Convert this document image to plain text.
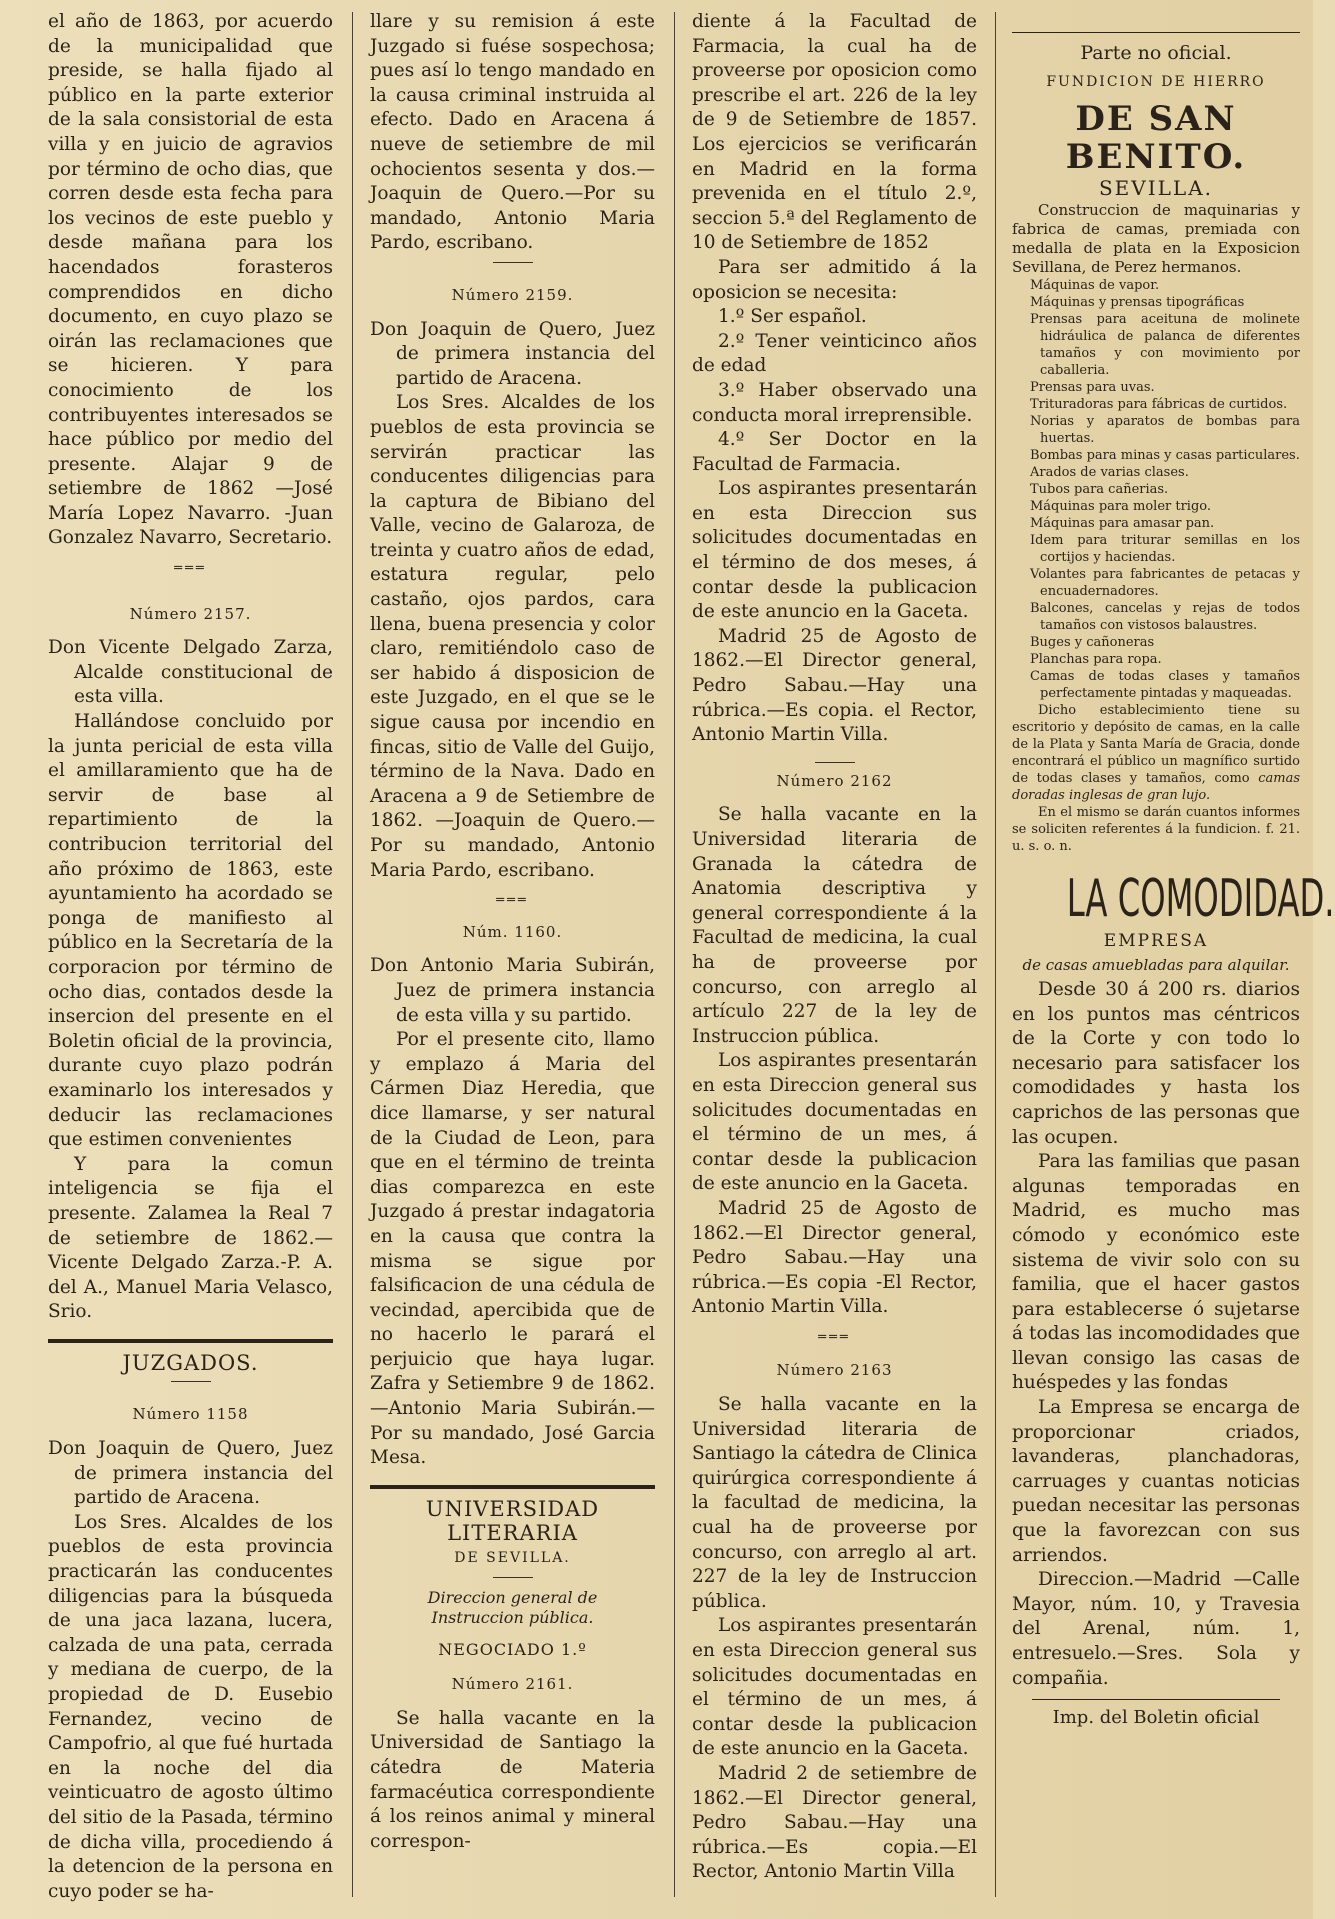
el año de 1863, por acuerdo de la municipalidad que preside, se halla fijado al público en la parte exterior de la sala consistorial de esta villa y en juicio de agravios por término de ocho dias, que corren desde esta fecha para los vecinos de este pueblo y desde mañana para los hacendados forasteros comprendidos en dicho documento, en cuyo plazo se oirán las reclamaciones que se hicieren. Y para conocimiento de los contribuyentes interesados se hace público por medio del presente. Alajar 9 de setiembre de 1862 —José María Lopez Navarro. -Juan Gonzalez Navarro, Secretario.

═══

Número 2157.

Don Vicente Delgado Zarza, Alcalde constitucional de esta villa.

Hallándose concluido por la junta pericial de esta villa el amillaramiento que ha de servir de base al repartimiento de la contribucion territorial del año próximo de 1863, este ayuntamiento ha acordado se ponga de manifiesto al público en la Secretaría de la corporacion por término de ocho dias, contados desde la insercion del presente en el Boletin oficial de la provincia, durante cuyo plazo podrán examinarlo los interesados y deducir las reclamaciones que estimen convenientes

Y para la comun inteligencia se fija el presente. Zalamea la Real 7 de setiembre de 1862.—Vicente Delgado Zarza.-P. A. del A., Manuel Maria Velasco, Srio.

JUZGADOS.

Número 1158

Don Joaquin de Quero, Juez de primera instancia del partido de Aracena.

Los Sres. Alcaldes de los pueblos de esta provincia practicarán las conducentes diligencias para la búsqueda de una jaca lazana, lucera, calzada de una pata, cerrada y mediana de cuerpo, de la propiedad de D. Eusebio Fernandez, vecino de Campofrio, al que fué hurtada en la noche del dia veinticuatro de agosto último del sitio de la Pasada, término de dicha villa, procediendo á la detencion de la persona en cuyo poder se ha-

llare y su remision á este Juzgado si fuése sospechosa; pues así lo tengo mandado en la causa criminal instruida al efecto. Dado en Aracena á nueve de setiembre de mil ochocientos sesenta y dos.—Joaquin de Quero.—Por su mandado, Antonio Maria Pardo, escribano.

Número 2159.

Don Joaquin de Quero, Juez de primera instancia del partido de Aracena.

Los Sres. Alcaldes de los pueblos de esta provincia se servirán practicar las conducentes diligencias para la captura de Bibiano del Valle, vecino de Galaroza, de treinta y cuatro años de edad, estatura regular, pelo castaño, ojos pardos, cara llena, buena presencia y color claro, remitiéndolo caso de ser habido á disposicion de este Juzgado, en el que se le sigue causa por incendio en fincas, sitio de Valle del Guijo, término de la Nava. Dado en Aracena a 9 de Setiembre de 1862. —Joaquin de Quero.—Por su mandado, Antonio Maria Pardo, escribano.

═══

Núm. 1160.

Don Antonio Maria Subirán, Juez de primera instancia de esta villa y su partido.

Por el presente cito, llamo y emplazo á Maria del Cármen Diaz Heredia, que dice llamarse, y ser natural de la Ciudad de Leon, para que en el término de treinta dias comparezca en este Juzgado á prestar indagatoria en la causa que contra la misma se sigue por falsificacion de una cédula de vecindad, apercibida que de no hacerlo le parará el perjuicio que haya lugar. Zafra y Setiembre 9 de 1862.—Antonio Maria Subirán.—Por su mandado, José Garcia Mesa.

UNIVERSIDAD LITERARIA

DE SEVILLA.

Direccion general de Instruccion pública.

NEGOCIADO 1.º

Número 2161.

Se halla vacante en la Universidad de Santiago la cátedra de Materia farmacéutica correspondiente á los reinos animal y mineral correspon-

diente á la Facultad de Farmacia, la cual ha de proveerse por oposicion como prescribe el art. 226 de la ley de 9 de Setiembre de 1857. Los ejercicios se verificarán en Madrid en la forma prevenida en el título 2.º, seccion 5.ª del Reglamento de 10 de Setiembre de 1852

Para ser admitido á la oposicion se necesita:

1.º Ser español.

2.º Tener veinticinco años de edad

3.º Haber observado una conducta moral irreprensible.

4.º Ser Doctor en la Facultad de Farmacia.

Los aspirantes presentarán en esta Direccion sus solicitudes documentadas en el término de dos meses, á contar desde la publicacion de este anuncio en la Gaceta.

Madrid 25 de Agosto de 1862.—El Director general, Pedro Sabau.—Hay una rúbrica.—Es copia. el Rector, Antonio Martin Villa.

Número 2162

Se halla vacante en la Universidad literaria de Granada la cátedra de Anatomia descriptiva y general correspondiente á la Facultad de medicina, la cual ha de proveerse por concurso, con arreglo al artículo 227 de la ley de Instruccion pública.

Los aspirantes presentarán en esta Direccion general sus solicitudes documentadas en el término de un mes, á contar desde la publicacion de este anuncio en la Gaceta.

Madrid 25 de Agosto de 1862.—El Director general, Pedro Sabau.—Hay una rúbrica.—Es copia -El Rector, Antonio Martin Villa.

═══

Número 2163

Se halla vacante en la Universidad literaria de Santiago la cátedra de Clinica quirúrgica correspondiente á la facultad de medicina, la cual ha de proveerse por concurso, con arreglo al art. 227 de la ley de Instruccion pública.

Los aspirantes presentarán en esta Direccion general sus solicitudes documentadas en el término de un mes, á contar desde la publicacion de este anuncio en la Gaceta.

Madrid 2 de setiembre de 1862.—El Director general, Pedro Sabau.—Hay una rúbrica.—Es copia.—El Rector, Antonio Martin Villa

Parte no oficial.

FUNDICION DE HIERRO

DE SAN BENITO.

SEVILLA.

Construccion de maquinarias y fabrica de camas, premiada con medalla de plata en la Exposicion Sevillana, de Perez hermanos.

Máquinas de vapor.

Máquinas y prensas tipográficas

Prensas para aceituna de molinete hidráulica de palanca de diferentes tamaños y con movimiento por caballeria.

Prensas para uvas.

Trituradoras para fábricas de curtidos.

Norias y aparatos de bombas para huertas.

Bombas para minas y casas particulares.

Arados de varias clases.

Tubos para cañerias.

Máquinas para moler trigo.

Máquinas para amasar pan.

Idem para triturar semillas en los cortijos y haciendas.

Volantes para fabricantes de petacas y encuadernadores.

Balcones, cancelas y rejas de todos tamaños con vistosos balaustres.

Buges y cañoneras

Planchas para ropa.

Camas de todas clases y tamaños perfectamente pintadas y maqueadas.

Dicho establecimiento tiene su escritorio y depósito de camas, en la calle de la Plata y Santa María de Gracia, donde encontrará el público un magnífico surtido de todas clases y tamaños, como camas doradas inglesas de gran lujo.

En el mismo se darán cuantos informes se soliciten referentes á la fundicion. f. 21. u. s. o. n.

LA COMODIDAD.

EMPRESA

de casas amuebladas para alquilar.

Desde 30 á 200 rs. diarios en los puntos mas céntricos de la Corte y con todo lo necesario para satisfacer los comodidades y hasta los caprichos de las personas que las ocupen.

Para las familias que pasan algunas temporadas en Madrid, es mucho mas cómodo y económico este sistema de vivir solo con su familia, que el hacer gastos para establecerse ó sujetarse á todas las incomodidades que llevan consigo las casas de huéspedes y las fondas

La Empresa se encarga de proporcionar criados, lavanderas, planchadoras, carruages y cuantas noticias puedan necesitar las personas que la favorezcan con sus arriendos.

Direccion.—Madrid —Calle Mayor, núm. 10, y Travesia del Arenal, núm. 1, entresuelo.—Sres. Sola y compañia.

Imp. del Boletin oficial
